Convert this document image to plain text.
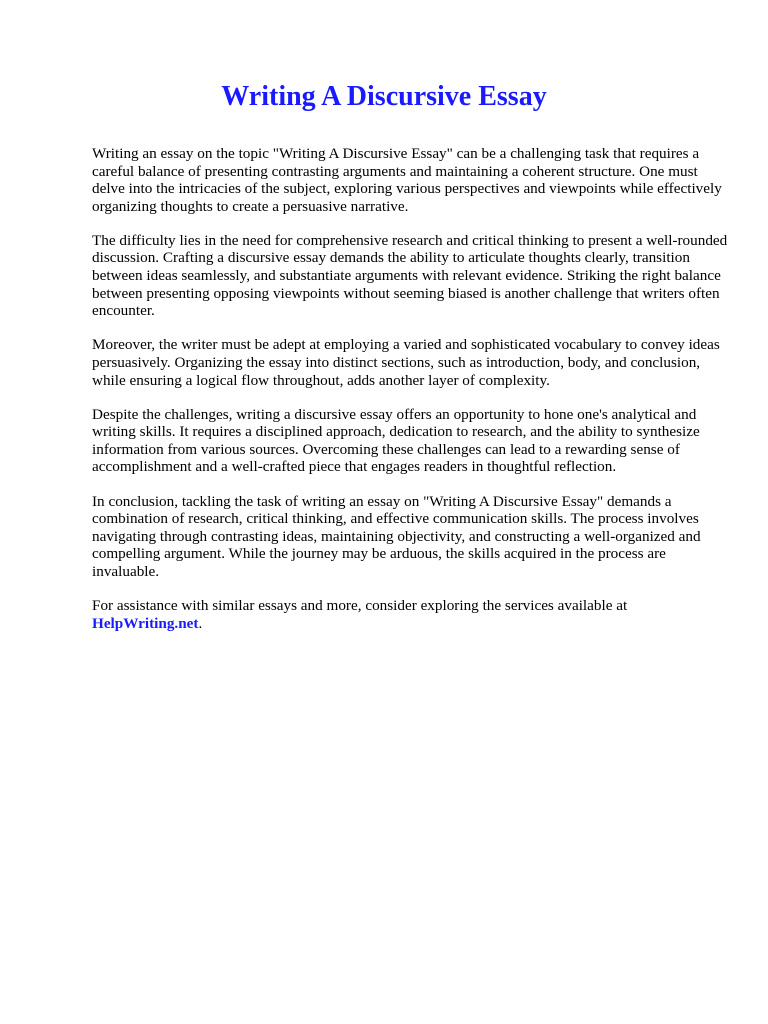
Writing A Discursive Essay

Writing an essay on the topic "Writing A Discursive Essay" can be a challenging task that requires a careful balance of presenting contrasting arguments and maintaining a coherent structure. One must delve into the intricacies of the subject, exploring various perspectives and viewpoints while effectively organizing thoughts to create a persuasive narrative.

The difficulty lies in the need for comprehensive research and critical thinking to present a well-rounded discussion. Crafting a discursive essay demands the ability to articulate thoughts clearly, transition between ideas seamlessly, and substantiate arguments with relevant evidence. Striking the right balance between presenting opposing viewpoints without seeming biased is another challenge that writers often encounter.

Moreover, the writer must be adept at employing a varied and sophisticated vocabulary to convey ideas persuasively. Organizing the essay into distinct sections, such as introduction, body, and conclusion, while ensuring a logical flow throughout, adds another layer of complexity.

Despite the challenges, writing a discursive essay offers an opportunity to hone one's analytical and writing skills. It requires a disciplined approach, dedication to research, and the ability to synthesize information from various sources. Overcoming these challenges can lead to a rewarding sense of accomplishment and a well-crafted piece that engages readers in thoughtful reflection.

In conclusion, tackling the task of writing an essay on "Writing A Discursive Essay" demands a combination of research, critical thinking, and effective communication skills. The process involves navigating through contrasting ideas, maintaining objectivity, and constructing a well-organized and compelling argument. While the journey may be arduous, the skills acquired in the process are invaluable.

For assistance with similar essays and more, consider exploring the services available at
HelpWriting.net.
